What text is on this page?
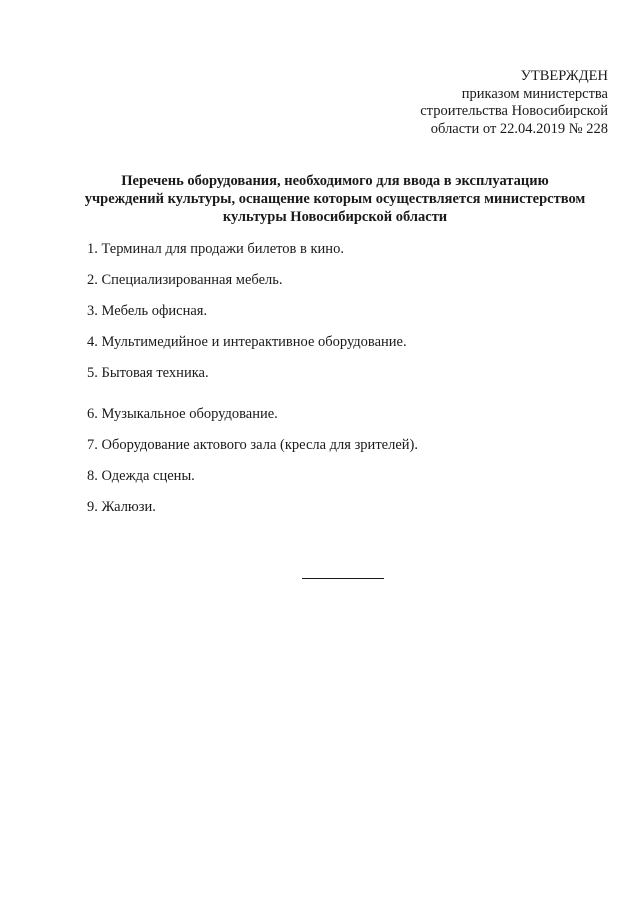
УТВЕРЖДЕН
приказом министерства
строительства Новосибирской
области от 22.04.2019 № 228
Перечень оборудования, необходимого для ввода в эксплуатацию
учреждений культуры, оснащение которым осуществляется министерством
культуры Новосибирской области
1. Терминал для продажи билетов в кино.
2. Специализированная мебель.
3. Мебель офисная.
4. Мультимедийное и интерактивное оборудование.
5. Бытовая техника.
6. Музыкальное оборудование.
7. Оборудование актового зала (кресла для зрителей).
8. Одежда сцены.
9. Жалюзи.
